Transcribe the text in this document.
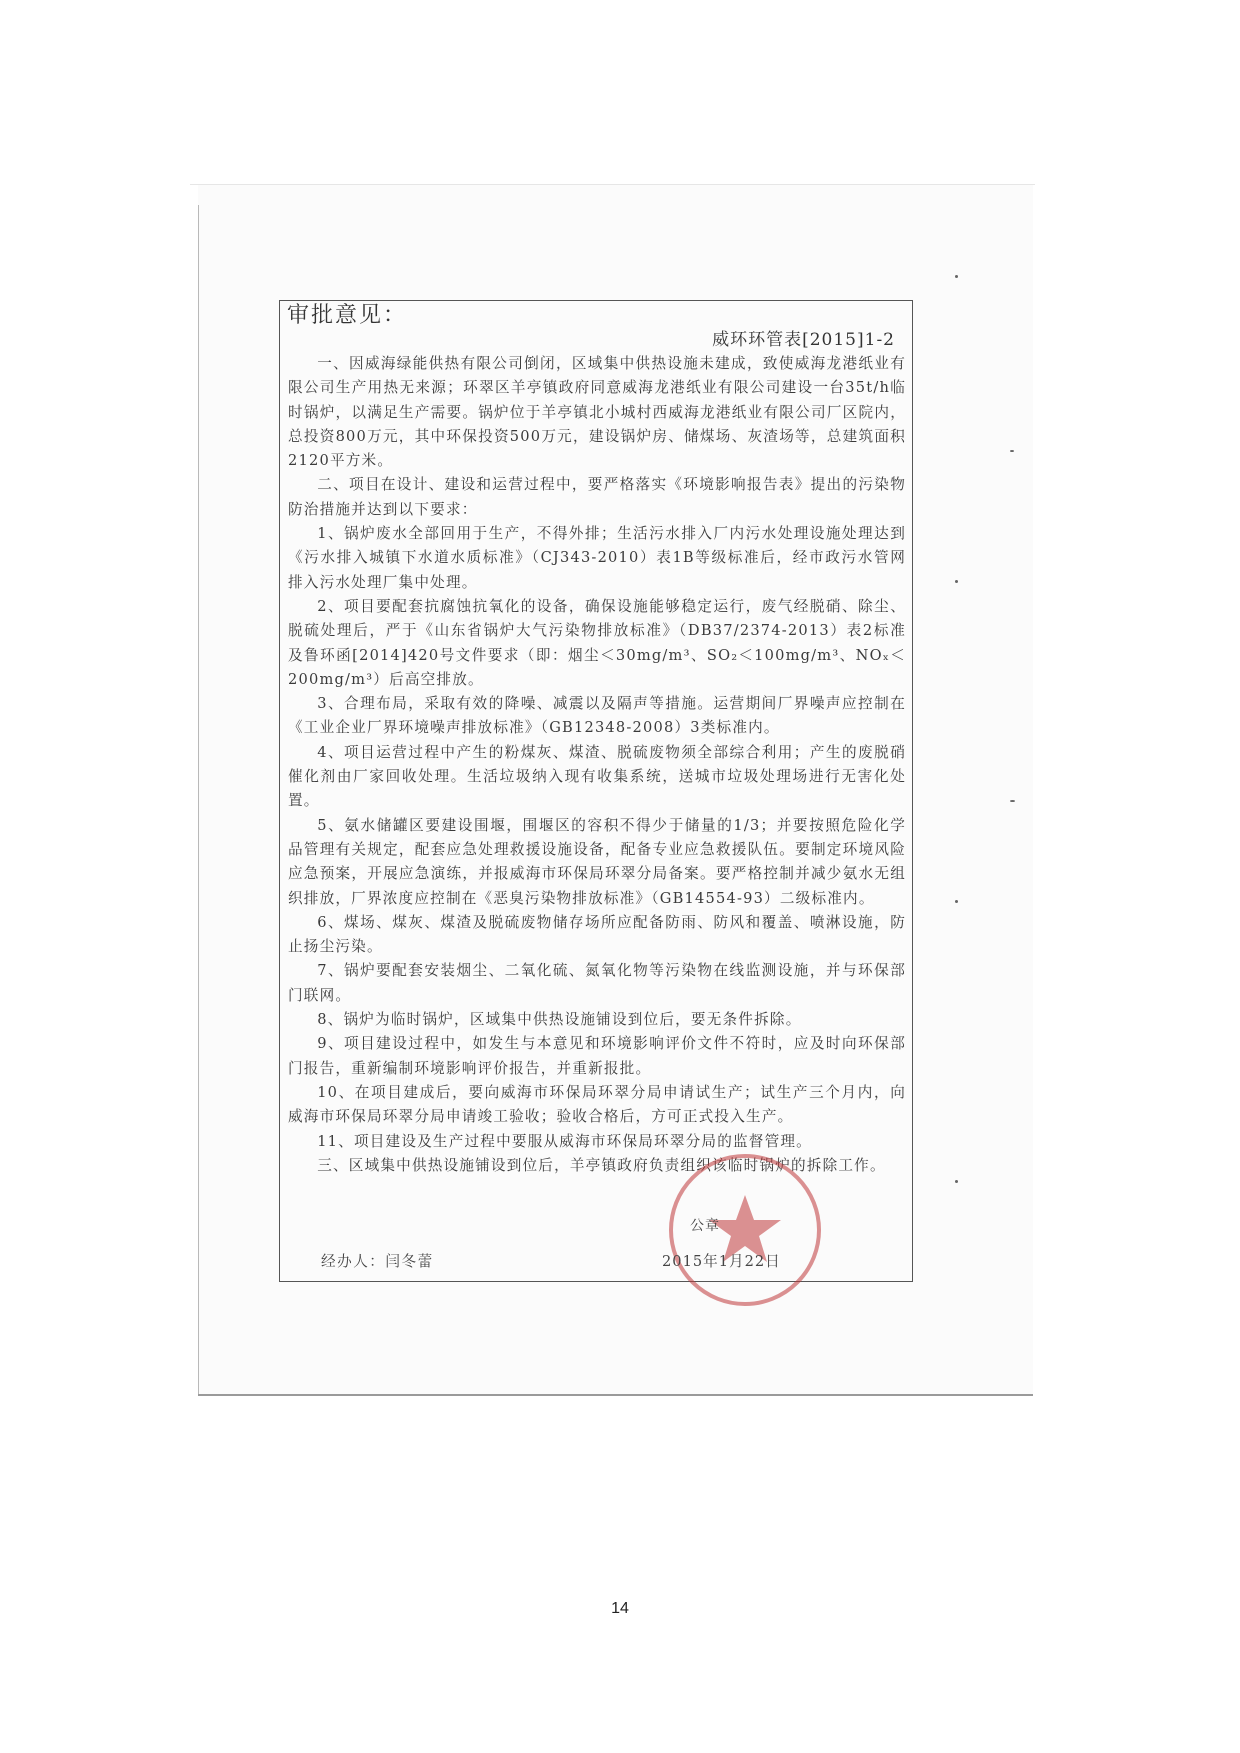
审批意见：
威环环管表[2015]1-2

一、因威海绿能供热有限公司倒闭，区域集中供热设施未建成，致使威海龙港纸业有限公司生产用热无来源；环翠区羊亭镇政府同意威海龙港纸业有限公司建设一台35t/h临时锅炉，以满足生产需要。锅炉位于羊亭镇北小城村西威海龙港纸业有限公司厂区院内，总投资800万元，其中环保投资500万元，建设锅炉房、储煤场、灰渣场等，总建筑面积2120平方米。

二、项目在设计、建设和运营过程中，要严格落实《环境影响报告表》提出的污染物防治措施并达到以下要求：

1、锅炉废水全部回用于生产，不得外排；生活污水排入厂内污水处理设施处理达到《污水排入城镇下水道水质标准》（CJ343-2010）表1B等级标准后，经市政污水管网排入污水处理厂集中处理。

2、项目要配套抗腐蚀抗氧化的设备，确保设施能够稳定运行，废气经脱硝、除尘、脱硫处理后，严于《山东省锅炉大气污染物排放标准》（DB37/2374-2013）表2标准及鲁环函[2014]420号文件要求（即：烟尘＜30mg/m³、SO₂＜100mg/m³、NOₓ＜200mg/m³）后高空排放。

3、合理布局，采取有效的降噪、减震以及隔声等措施。运营期间厂界噪声应控制在《工业企业厂界环境噪声排放标准》（GB12348-2008）3类标准内。

4、项目运营过程中产生的粉煤灰、煤渣、脱硫废物须全部综合利用；产生的废脱硝催化剂由厂家回收处理。生活垃圾纳入现有收集系统，送城市垃圾处理场进行无害化处置。

5、氨水储罐区要建设围堰，围堰区的容积不得少于储量的1/3；并要按照危险化学品管理有关规定，配套应急处理救援设施设备，配备专业应急救援队伍。要制定环境风险应急预案，开展应急演练，并报威海市环保局环翠分局备案。要严格控制并减少氨水无组织排放，厂界浓度应控制在《恶臭污染物排放标准》（GB14554-93）二级标准内。

6、煤场、煤灰、煤渣及脱硫废物储存场所应配备防雨、防风和覆盖、喷淋设施，防止扬尘污染。

7、锅炉要配套安装烟尘、二氧化硫、氮氧化物等污染物在线监测设施，并与环保部门联网。

8、锅炉为临时锅炉，区域集中供热设施铺设到位后，要无条件拆除。

9、项目建设过程中，如发生与本意见和环境影响评价文件不符时，应及时向环保部门报告，重新编制环境影响评价报告，并重新报批。

10、在项目建成后，要向威海市环保局环翠分局申请试生产；试生产三个月内，向威海市环保局环翠分局申请竣工验收；验收合格后，方可正式投入生产。

11、项目建设及生产过程中要服从威海市环保局环翠分局的监督管理。

三、区域集中供热设施铺设到位后，羊亭镇政府负责组织该临时锅炉的拆除工作。

公章
经办人：闫冬蕾	2015年1月22日
14
